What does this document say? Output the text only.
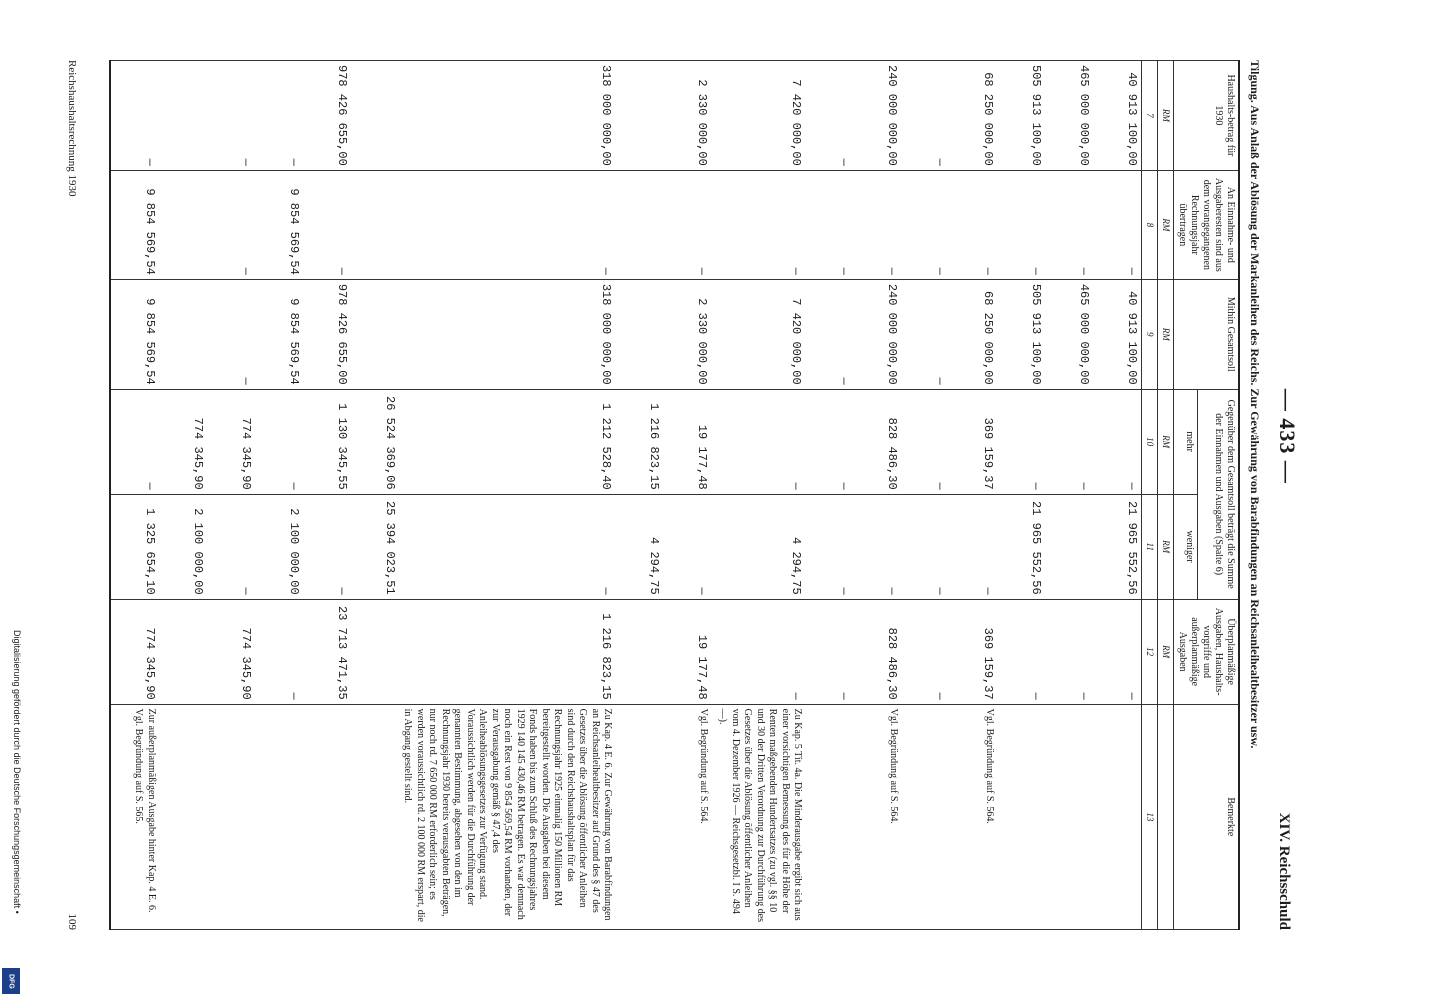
— 433 —
XIV. Reichsschuld
Tilgung. Aus Anlaß der Ablösung der Markanleihen des Reichs. Zur Gewährung von Barabfindungen an Reichsanleihealtbesitzer usw.
Haushalts-betrag für 1930	An Einnahme- und Ausgaberesten sind aus dem vorangegangenen Rechnungsjahr übertragen	Mithin Gesamtsoll	Gegenüber dem Gesamtsoll beträgt die Summe der Einnahmen und Ausgaben (Spalte 6)		Überplanmäßige Ausgaben, Haushalts-vorgriffe und außerplanmäßige Ausgaben	Bemerkte
			mehr	weniger		
RM	RM	RM	RM	RM	RM	
7	8	9	10	11	12	13
40 913 100,00	—	40 913 100,00	—	21 965 552,56	—	
465 000 000,00	—	465 000 000,00	—		—	
505 913 100,00	—	505 913 100,00	—	21 965 552,56	—	
68 250 000,00	—	68 250 000,00	369 159,37	—	369 159,37	Vgl. Begründung auf S. 564.
—	—	—	—	—	—	
240 000 000,00	—	240 000 000,00	828 486,30	—	828 486,30	Vgl. Begründung auf S. 564.
—	—	—	—	—	—	
7 420 000,00	—	7 420 000,00	—	4 294,75	—	Zu Kap. 5 Tit. 4a. Die Minderausgabe ergibt sich aus einer vorsichtigen Bemessung des für die Höhe der Renten maßgebenden Hundertsatzes (zu vgl. §§ 10 und 30 der Dritten Verordnung zur Durchführung des Gesetzes über die Ablösung öffentlicher Anleihen vom 4. Dezember 1926 — Reichsgesetzbl. I S. 494 —).
2 330 000,00	—	2 330 000,00	19 177,48	—	19 177,48	Vgl. Begründung auf S. 564.
			1 216 823,15	4 294,75		
318 000 000,00	—	318 000 000,00	1 212 528,40	—	1 216 823,15	Zu Kap. 4 E. 6. Zur Gewährung von Barabfindungen an Reichsanleihealtbesitzer auf Grund des § 47 des Gesetzes über die Ablösung öffentlicher Anleihen sind durch den Reichshaushaltsplan für das Rechnungsjahr 1925 einmalig 150 Millionen RM bereitgestellt worden. Die Ausgaben bei diesem Fonds haben bis zum Schluß des Rechnungsjahres 1929 140 145 430,46 RM betragen. Es war demnach noch ein Rest von 9 854 569,54 RM vorhanden, der zur Verausgabung gemäß § 47,4 des Anleiheablösungsgesetzes zur Verfügung stand. Voraussichtlich werden für die Durchführung der genannten Bestimmung, abgesehen von den im Rechnungsjahr 1930 bereits verausgabten Beträgen, nur noch rd. 7 650 000 RM erforderlich sein; es werden voraussichtlich rd. 2 100 000 RM erspart, die in Abgang gestellt sind.
			26 524 369,06	25 394 023,51		
978 426 655,00	—	978 426 655,00	1 130 345,55	—	23 713 471,35	
—	9 854 569,54	9 854 569,54	—	2 100 000,00	—	
—	—	—	774 345,90	—	774 345,90	
			774 345,90	2 100 000,00		
—	9 854 569,54	9 854 569,54	—	1 325 654,10	774 345,90	Zur außerplanmäßigen Ausgabe hinter Kap. 4 E. 6. Vgl. Begründung auf S. 565.
Reichshaushaltsrechnung 1930
109
Digitalisierung gefördert durch die Deutsche Forschungsgemeinschaft •
DFG
